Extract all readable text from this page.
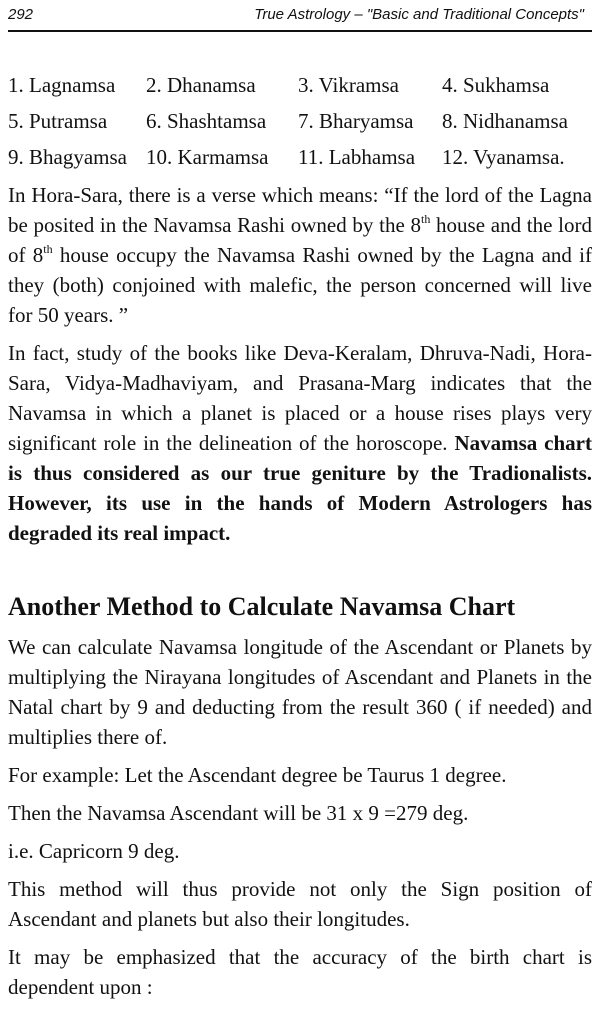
292	True Astrology – "Basic and Traditional Concepts"
1. Lagnamsa	2. Dhanamsa	3. Vikramsa	4. Sukhamsa
5. Putramsa	6. Shashtamsa	7. Bharyamsa	8. Nidhanamsa
9. Bhagyamsa 10. Karmamsa	11. Labhamsa	12. Vyanamsa.

In Hora-Sara, there is a verse which means: “If the lord of the Lagna be posited in the Navamsa Rashi owned by the 8th house and the lord of 8th house occupy the Navamsa Rashi owned by the Lagna and if they (both) conjoined with malefic, the person concerned will live for 50 years. ”

In fact, study of the books like Deva-Keralam, Dhruva-Nadi, Hora-Sara, Vidya-Madhaviyam, and Prasana-Marg indicates that the Navamsa in which a planet is placed or a house rises plays very significant role in the delineation of the horoscope. Navamsa chart is thus considered as our true geniture by the Tradionalists. However, its use in the hands of Modern Astrologers has degraded its real impact.

Another Method to Calculate Navamsa Chart

We can calculate Navamsa longitude of the Ascendant or Planets by multiplying the Nirayana longitudes of Ascendant and Planets in the Natal chart by 9 and deducting from the result 360 ( if needed) and multiplies there of.

For example: Let the Ascendant degree be Taurus 1 degree.

Then the Navamsa Ascendant will be 31 x 9 =279 deg.

i.e. Capricorn 9 deg.

This method will thus provide not only the Sign position of Ascendant and planets but also their longitudes.

It may be emphasized that the accuracy of the birth chart is dependent upon :
